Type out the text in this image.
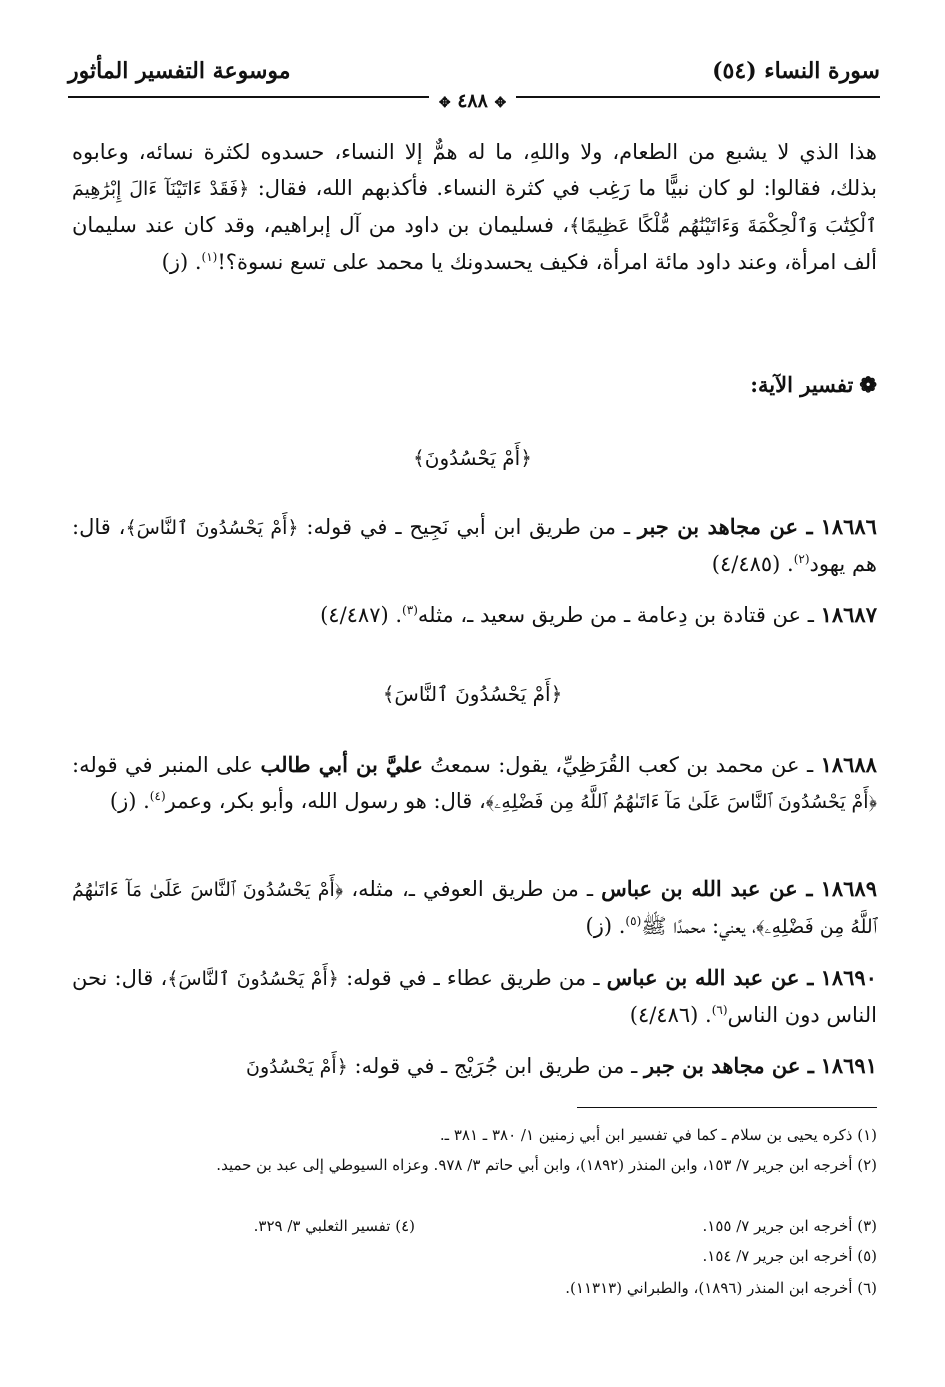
سورة النساء (٥٤)
موسوعة التفسير المأثور
✥ ٤٨٨ ✥
هذا الذي لا يشبع من الطعام، ولا واللهِ، ما له همٌّ إلا النساء، حسدوه لكثرة نسائه، وعابوه بذلك، فقالوا: لو كان نبيًّا ما رَغِب في كثرة النساء. فأكذبهم الله، فقال: ﴿فَقَدْ ءَاتَيْنَآ ءَالَ إِبْرَٰهِيمَ ٱلْكِتَٰبَ وَٱلْحِكْمَةَ وَءَاتَيْنَٰهُم مُّلْكًا عَظِيمًا﴾، فسليمان بن داود من آل إبراهيم، وقد كان عند سليمان ألف امرأة، وعند داود مائة امرأة، فكيف يحسدونك يا محمد على تسع نسوة؟!$^{(١)}$. (ز)
❁تفسير الآية:
﴿أَمْ يَحْسُدُونَ﴾
١٨٦٨٦ ـ عن مجاهد بن جبر ـ من طريق ابن أبي نَجِيح ـ في قوله: ﴿أَمْ يَحْسُدُونَ ٱلنَّاسَ﴾، قال: هم يهود$^{(٢)}$. (٤/٤٨٥)
١٨٦٨٧ ـ عن قتادة بن دِعامة ـ من طريق سعيد ـ، مثله$^{(٣)}$. (٤/٤٨٧)
﴿أَمْ يَحْسُدُونَ ٱلنَّاسَ﴾
١٨٦٨٨ ـ عن محمد بن كعب القُرَظِيِّ، يقول: سمعتُ عليَّ بن أبي طالب على المنبر في قوله: ﴿أَمْ يَحْسُدُونَ ٱلنَّاسَ عَلَىٰ مَآ ءَاتَىٰهُمُ ٱللَّهُ مِن فَضْلِهِۦ﴾، قال: هو رسول الله، وأبو بكر، وعمر$^{(٤)}$. (ز)
١٨٦٨٩ ـ عن عبد الله بن عباس ـ من طريق العوفي ـ، مثله، ﴿أَمْ يَحْسُدُونَ ٱلنَّاسَ عَلَىٰ مَآ ءَاتَىٰهُمُ ٱللَّهُ مِن فَضْلِهِۦ﴾، يعني: محمدًا ﷺ$^{(٥)}$. (ز)
١٨٦٩٠ ـ عن عبد الله بن عباس ـ من طريق عطاء ـ في قوله: ﴿أَمْ يَحْسُدُونَ ٱلنَّاسَ﴾، قال: نحن الناس دون الناس$^{(٦)}$. (٤/٤٨٦)
١٨٦٩١ ـ عن مجاهد بن جبر ـ من طريق ابن جُرَيْج ـ في قوله: ﴿أَمْ يَحْسُدُونَ
(١) ذكره يحيى بن سلام ـ كما في تفسير ابن أبي زمنين ١/ ٣٨٠ ـ ٣٨١ ـ.
(٢) أخرجه ابن جرير ٧/ ١٥٣، وابن المنذر (١٨٩٢)، وابن أبي حاتم ٣/ ٩٧٨. وعزاه السيوطي إلى عبد بن حميد.
(٣) أخرجه ابن جرير ٧/ ١٥٥.
(٤) تفسير الثعلبي ٣/ ٣٢٩.
(٥) أخرجه ابن جرير ٧/ ١٥٤.
(٦) أخرجه ابن المنذر (١٨٩٦)، والطبراني (١١٣١٣).
